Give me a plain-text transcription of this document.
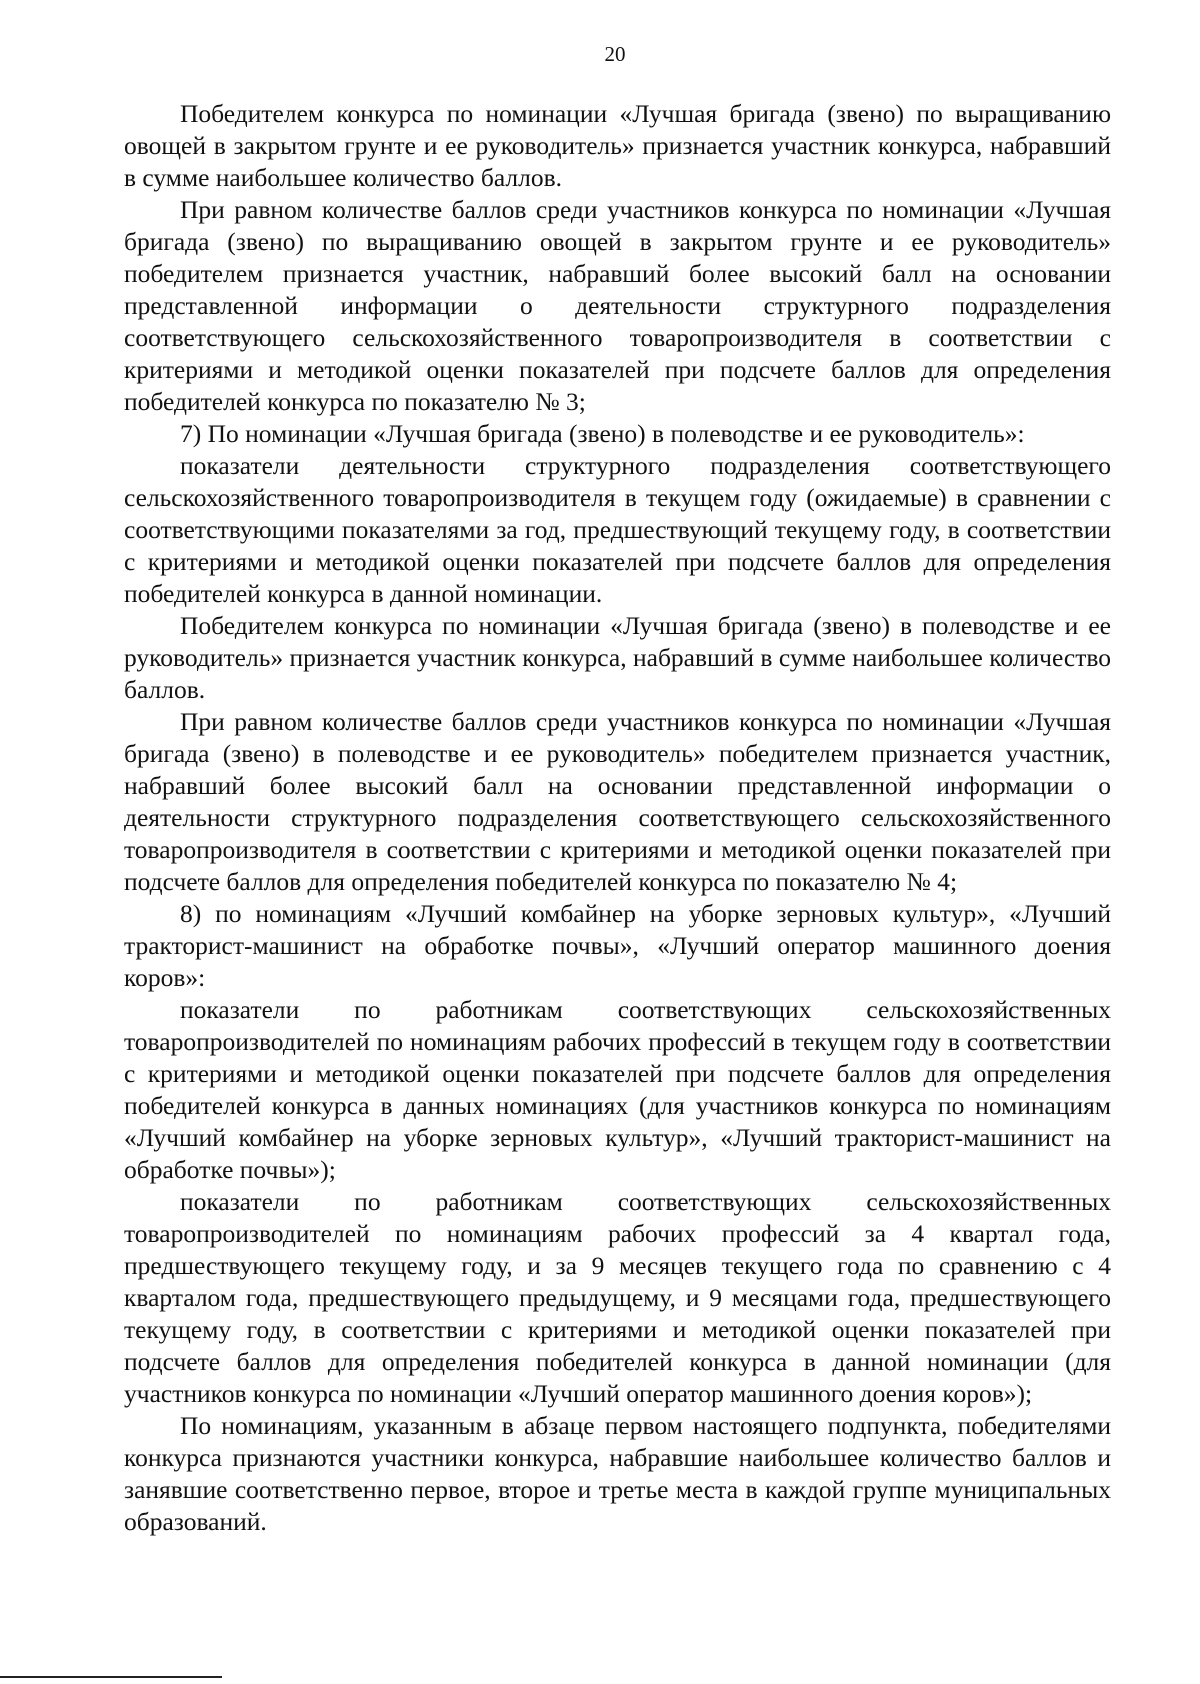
20

Победителем конкурса по номинации «Лучшая бригада (звено) по выращиванию овощей в закрытом грунте и ее руководитель» признается участник конкурса, набравший в сумме наибольшее количество баллов.

При равном количестве баллов среди участников конкурса по номинации «Лучшая бригада (звено) по выращиванию овощей в закрытом грунте и ее руководитель» победителем признается участник, набравший более высокий балл на основании представленной информации о деятельности структурного подразделения соответствующего сельскохозяйственного товаропроизводителя в соответствии с критериями и методикой оценки показателей при подсчете баллов для определения победителей конкурса по показателю № 3;

7) По номинации «Лучшая бригада (звено) в полеводстве и ее руководитель»:

показатели деятельности структурного подразделения соответствующего сельскохозяйственного товаропроизводителя в текущем году (ожидаемые) в сравнении с соответствующими показателями за год, предшествующий текущему году, в соответствии с критериями и методикой оценки показателей при подсчете баллов для определения победителей конкурса в данной номинации.

Победителем конкурса по номинации «Лучшая бригада (звено) в полеводстве и ее руководитель» признается участник конкурса, набравший в сумме наибольшее количество баллов.

При равном количестве баллов среди участников конкурса по номинации «Лучшая бригада (звено) в полеводстве и ее руководитель» победителем признается участник, набравший более высокий балл на основании представленной информации о деятельности структурного подразделения соответствующего сельскохозяйственного товаропроизводителя в соответствии с критериями и методикой оценки показателей при подсчете баллов для определения победителей конкурса по показателю № 4;

8) по номинациям «Лучший комбайнер на уборке зерновых культур», «Лучший тракторист-машинист на обработке почвы», «Лучший оператор машинного доения коров»:

показатели по работникам соответствующих сельскохозяйственных товаропроизводителей по номинациям рабочих профессий в текущем году в соответствии с критериями и методикой оценки показателей при подсчете баллов для определения победителей конкурса в данных номинациях (для участников конкурса по номинациям «Лучший комбайнер на уборке зерновых культур», «Лучший тракторист-машинист на обработке почвы»);

показатели по работникам соответствующих сельскохозяйственных товаропроизводителей по номинациям рабочих профессий за 4 квартал года, предшествующего текущему году, и за 9 месяцев текущего года по сравнению с 4 кварталом года, предшествующего предыдущему, и 9 месяцами года, предшествующего текущему году, в соответствии с критериями и методикой оценки показателей при подсчете баллов для определения победителей конкурса в данной номинации (для участников конкурса по номинации «Лучший оператор машинного доения коров»);

По номинациям, указанным в абзаце первом настоящего подпункта, победителями конкурса признаются участники конкурса, набравшие наибольшее количество баллов и занявшие соответственно первое, второе и третье места в каждой группе муниципальных образований.
